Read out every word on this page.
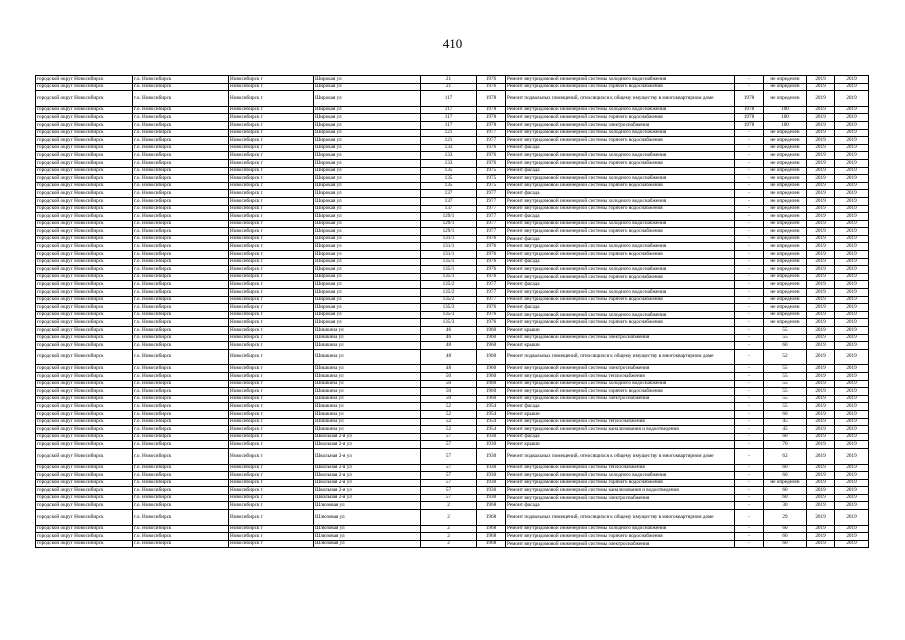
410
городской округ Новосибирск	г.о. Новосибирск	Новосибирск г	Широкая ул	21	1976	Ремонт внутридомовой инженерной системы холодного водоснабжения	-	не определен	2019	2019
городской округ Новосибирск	г.о. Новосибирск	Новосибирск г	Широкая ул	21	1976	Ремонт внутридомовой инженерной системы горячего водоснабжения	-	не определен	2019	2019
городской округ Новосибирск	г.о. Новосибирск	Новосибирск г	Широкая ул	117	1978	Ремонт подвальных помещений, относящихся к общему имуществу в многоквартирном доме	1978	не определен	2019	2019
городской округ Новосибирск	г.о. Новосибирск	Новосибирск г	Широкая ул	117	1978	Ремонт внутридомовой инженерной системы холодного водоснабжения	1978	100	2019	2019
городской округ Новосибирск	г.о. Новосибирск	Новосибирск г	Широкая ул	117	1978	Ремонт внутридомовой инженерной системы горячего водоснабжения	1978	100	2019	2019
городской округ Новосибирск	г.о. Новосибирск	Новосибирск г	Широкая ул	117	1978	Ремонт внутридомовой инженерной системы электроснабжения	1978	100	2019	2019
городской округ Новосибирск	г.о. Новосибирск	Новосибирск г	Широкая ул	121	1977	Ремонт внутридомовой инженерной системы холодного водоснабжения	-	не определен	2019	2019
городской округ Новосибирск	г.о. Новосибирск	Новосибирск г	Широкая ул	121	1977	Ремонт внутридомовой инженерной системы горячего водоснабжения	-	не определен	2019	2019
городской округ Новосибирск	г.о. Новосибирск	Новосибирск г	Широкая ул	133	1976	Ремонт фасада	-	не определен	2019	2019
городской округ Новосибирск	г.о. Новосибирск	Новосибирск г	Широкая ул	133	1976	Ремонт внутридомовой инженерной системы холодного водоснабжения	-	не определен	2019	2019
городской округ Новосибирск	г.о. Новосибирск	Новосибирск г	Широкая ул	133	1976	Ремонт внутридомовой инженерной системы горячего водоснабжения	-	не определен	2019	2019
городской округ Новосибирск	г.о. Новосибирск	Новосибирск г	Широкая ул	135	1975	Ремонт фасада	-	не определен	2019	2019
городской округ Новосибирск	г.о. Новосибирск	Новосибирск г	Широкая ул	135	1975	Ремонт внутридомовой инженерной системы холодного водоснабжения	-	не определен	2019	2019
городской округ Новосибирск	г.о. Новосибирск	Новосибирск г	Широкая ул	135	1975	Ремонт внутридомовой инженерной системы горячего водоснабжения	-	не определен	2019	2019
городской округ Новосибирск	г.о. Новосибирск	Новосибирск г	Широкая ул	137	1977	Ремонт фасада	-	не определен	2019	2019
городской округ Новосибирск	г.о. Новосибирск	Новосибирск г	Широкая ул	137	1977	Ремонт внутридомовой инженерной системы холодного водоснабжения	-	не определен	2019	2019
городской округ Новосибирск	г.о. Новосибирск	Новосибирск г	Широкая ул	137	1977	Ремонт внутридомовой инженерной системы горячего водоснабжения	-	не определен	2019	2019
городской округ Новосибирск	г.о. Новосибирск	Новосибирск г	Широкая ул	129/1	1977	Ремонт фасада	-	не определен	2019	2019
городской округ Новосибирск	г.о. Новосибирск	Новосибирск г	Широкая ул	129/1	1977	Ремонт внутридомовой инженерной системы холодного водоснабжения	-	не определен	2019	2019
городской округ Новосибирск	г.о. Новосибирск	Новосибирск г	Широкая ул	129/1	1977	Ремонт внутридомовой инженерной системы горячего водоснабжения	-	не определен	2019	2019
городской округ Новосибирск	г.о. Новосибирск	Новосибирск г	Широкая ул	131/1	1976	Ремонт фасада	-	не определен	2019	2019
городской округ Новосибирск	г.о. Новосибирск	Новосибирск г	Широкая ул	131/1	1976	Ремонт внутридомовой инженерной системы холодного водоснабжения	-	не определен	2019	2019
городской округ Новосибирск	г.о. Новосибирск	Новосибирск г	Широкая ул	131/1	1976	Ремонт внутридомовой инженерной системы горячего водоснабжения	-	не определен	2019	2019
городской округ Новосибирск	г.о. Новосибирск	Новосибирск г	Широкая ул	135/1	1976	Ремонт фасада	-	не определен	2019	2019
городской округ Новосибирск	г.о. Новосибирск	Новосибирск г	Широкая ул	135/1	1976	Ремонт внутридомовой инженерной системы холодного водоснабжения	-	не определен	2019	2019
городской округ Новосибирск	г.о. Новосибирск	Новосибирск г	Широкая ул	135/1	1976	Ремонт внутридомовой инженерной системы горячего водоснабжения	-	не определен	2019	2019
городской округ Новосибирск	г.о. Новосибирск	Новосибирск г	Широкая ул	135/2	1977	Ремонт фасада	-	не определен	2019	2019
городской округ Новосибирск	г.о. Новосибирск	Новосибирск г	Широкая ул	135/2	1977	Ремонт внутридомовой инженерной системы холодного водоснабжения	-	не определен	2019	2019
городской округ Новосибирск	г.о. Новосибирск	Новосибирск г	Широкая ул	135/2	1977	Ремонт внутридомовой инженерной системы горячего водоснабжения	-	не определен	2019	2019
городской округ Новосибирск	г.о. Новосибирск	Новосибирск г	Широкая ул	135/3	1976	Ремонт фасада	-	не определен	2019	2019
городской округ Новосибирск	г.о. Новосибирск	Новосибирск г	Широкая ул	135/3	1976	Ремонт внутридомовой инженерной системы холодного водоснабжения	-	не определен	2019	2019
городской округ Новосибирск	г.о. Новосибирск	Новосибирск г	Широкая ул	135/3	1976	Ремонт внутридомовой инженерной системы горячего водоснабжения	-	не определен	2019	2019
городской округ Новосибирск	г.о. Новосибирск	Новосибирск г	Шишкина ул	46	1960	Ремонт крыши	-	55	2019	2019
городской округ Новосибирск	г.о. Новосибирск	Новосибирск г	Шишкина ул	46	1960	Ремонт внутридомовой инженерной системы электроснабжения	-	55	2019	2019
городской округ Новосибирск	г.о. Новосибирск	Новосибирск г	Шишкина ул	48	1960	Ремонт крыши	-	60	2019	2019
городской округ Новосибирск	г.о. Новосибирск	Новосибирск г	Шишкина ул	48	1960	Ремонт подвальных помещений, относящихся к общему имуществу в многоквартирном доме	-	52	2019	2019
городской округ Новосибирск	г.о. Новосибирск	Новосибирск г	Шишкина ул	48	1960	Ремонт внутридомовой инженерной системы электроснабжения	-	55	2019	2019
городской округ Новосибирск	г.о. Новосибирск	Новосибирск г	Шишкина ул	50	1960	Ремонт внутридомовой инженерной системы теплоснабжения	-	55	2019	2019
городской округ Новосибирск	г.о. Новосибирск	Новосибирск г	Шишкина ул	50	1960	Ремонт внутридомовой инженерной системы холодного водоснабжения	-	55	2019	2019
городской округ Новосибирск	г.о. Новосибирск	Новосибирск г	Шишкина ул	50	1960	Ремонт внутридомовой инженерной системы горячего водоснабжения	-	55	2019	2019
городской округ Новосибирск	г.о. Новосибирск	Новосибирск г	Шишкина ул	50	1960	Ремонт внутридомовой инженерной системы электроснабжения	-	55	2019	2019
городской округ Новосибирск	г.о. Новосибирск	Новосибирск г	Шишкина ул	52	1954	Ремонт фасада	-	55	2019	2019
городской округ Новосибирск	г.о. Новосибирск	Новосибирск г	Шишкина ул	52	1954	Ремонт крыши	-	60	2019	2019
городской округ Новосибирск	г.о. Новосибирск	Новосибирск г	Шишкина ул	52	1954	Ремонт внутридомовой инженерной системы теплоснабжения	-	45	2019	2019
городской округ Новосибирск	г.о. Новосибирск	Новосибирск г	Шишкина ул	52	1954	Ремонт внутридомовой инженерной системы канализования и водоотведения	-	45	2019	2019
городской округ Новосибирск	г.о. Новосибирск	Новосибирск г	Школьная 2-я ул	57	1930	Ремонт фасада	-	60	2019	2019
городской округ Новосибирск	г.о. Новосибирск	Новосибирск г	Школьная 2-я ул	57	1930	Ремонт крыши	-	70	2019	2019
городской округ Новосибирск	г.о. Новосибирск	Новосибирск г	Школьная 2-я ул	57	1930	Ремонт подвальных помещений, относящихся к общему имуществу в многоквартирном доме	-	62	2019	2019
городской округ Новосибирск	г.о. Новосибирск	Новосибирск г	Школьная 2-я ул	57	1930	Ремонт внутридомовой инженерной системы теплоснабжения	-	60	2019	2019
городской округ Новосибирск	г.о. Новосибирск	Новосибирск г	Школьная 2-я ул	57	1930	Ремонт внутридомовой инженерной системы холодного водоснабжения	-	60	2019	2019
городской округ Новосибирск	г.о. Новосибирск	Новосибирск г	Школьная 2-я ул	57	1930	Ремонт внутридомовой инженерной системы горячего водоснабжения	-	не определен	2019	2019
городской округ Новосибирск	г.о. Новосибирск	Новосибирск г	Школьная 2-я ул	57	1930	Ремонт внутридомовой инженерной системы канализования и водоотведения	-	60	2019	2019
городской округ Новосибирск	г.о. Новосибирск	Новосибирск г	Школьная 2-я ул	57	1930	Ремонт внутридомовой инженерной системы электроснабжения	-	60	2019	2019
городской округ Новосибирск	г.о. Новосибирск	Новосибирск г	Шлюзовая ул	2	1968	Ремонт фасада	-	30	2019	2019
городской округ Новосибирск	г.о. Новосибирск	Новосибирск г	Шлюзовая ул	2	1968	Ремонт подвальных помещений, относящихся к общему имуществу в многоквартирном доме	-	29	2019	2019
городской округ Новосибирск	г.о. Новосибирск	Новосибирск г	Шлюзовая ул	2	1968	Ремонт внутридомовой инженерной системы холодного водоснабжения	-	60	2019	2019
городской округ Новосибирск	г.о. Новосибирск	Новосибирск г	Шлюзовая ул	2	1968	Ремонт внутридомовой инженерной системы горячего водоснабжения	-	60	2019	2019
городской округ Новосибирск	г.о. Новосибирск	Новосибирск г	Шлюзовая ул	2	1968	Ремонт внутридомовой инженерной системы электроснабжения	-	60	2019	2019
